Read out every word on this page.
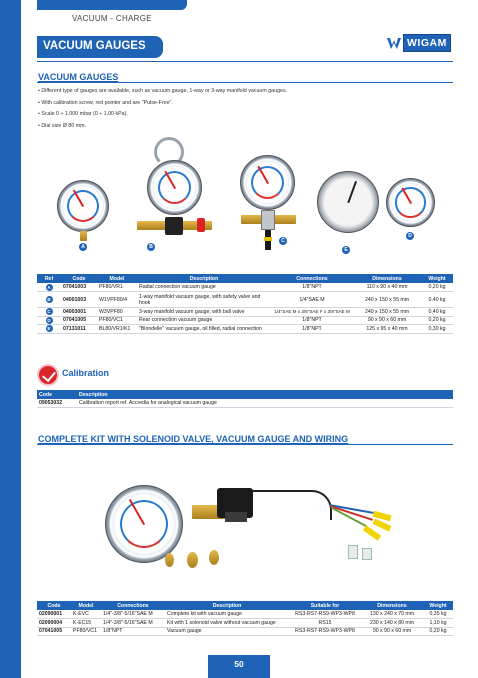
VACUUM - CHARGE
VACUUM GAUGES	WIGAM
VACUUM GAUGES
• Different type of gauges are available, such as vacuum gauge, 1-way or 3-way manifold vacuum gauges.
• With calibration screw, red pointer and are "Pulse-Free".
• Scale 0 ÷ 1.000 mbar (0 ÷ 1.00 kPa).
• Dial size Ø 80 mm.
A	B
C
E
D
Ref	Code	Model	Description	Connections	Dimensions	Weight
A	07041003	PF80/VR1	Radial connection vacuum gauge	1/8"NPT	110 x 90 x 40 mm	0,20 kg
B	04001003	W1VPF80/4	1-way manifold vacuum gauge, with safety valve and hook	1/4"SAE M	240 x 150 x 55 mm	0,40 kg
C	04003001	W3VPF80	3-way manifold vacuum gauge, with ball valve	1/4"SAE M x 3/8"SAE F x 3/8"SAE M	240 x 150 x 55 mm	0,40 kg
D	07041005	PF80/VC1	Rear connection vacuum gauge	1/8"NPT	90 x 90 x 60 mm	0,20 kg
E	07131011	BL80/VR1/K1	"Blondelle" vacuum gauge, oil filled, radial connection	1/8"NPT	125 x 95 x 40 mm	0,30 kg
Calibration
Code	Description
09053032	Calibration report ref. Accredia for analogical vacuum gauge
COMPLETE KIT WITH SOLENOID VALVE, VACUUM GAUGE AND WIRING
Code	Model	Connections	Description	Suitable for	Dimensions	Weight
02090001	K-EVC	1/4"-3/8"-5/16"SAE M	Complete kit with vacuum gauge	RS3-RS7-RS9-WP3-WP8	130 x 240 x 70 mm	0,35 kg
02090004	K-EC15	1/4"-3/8"-5/16"SAE M	Kit with 1 solenoid valve without vacuum gauge	RS15	230 x 140 x 80 mm	1,10 kg
07041005	PF80/VC1	1/8"NPT	Vacuum gauge	RS3-RS7-RS9-WP3-WP8	90 x 90 x 60 mm	0,20 kg
50
